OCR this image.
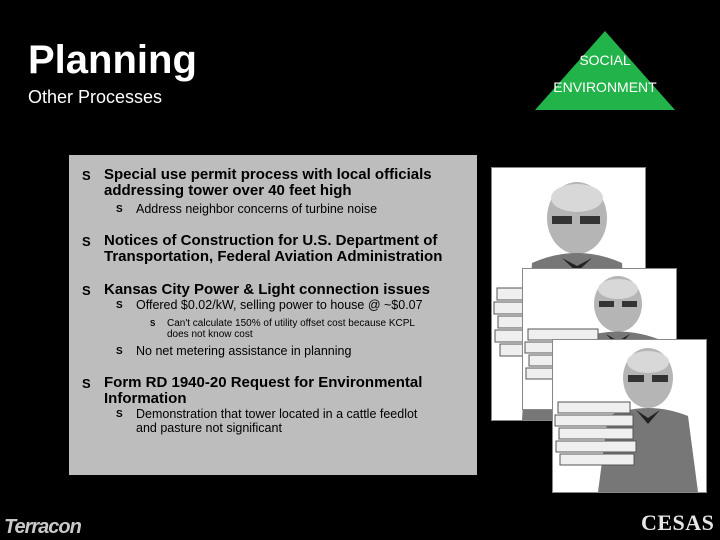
Planning
Other Processes
SOCIAL
ENVIRONMENT
S Special use permit process with local officials
addressing tower over 40 feet high
S Address neighbor concerns of turbine noise
S Notices of Construction for U.S. Department of
Transportation, Federal Aviation Administration
S Kansas City Power & Light connection issues
S Offered $0.02/kW, selling power to house @ ~$0.07
S Can't calculate 150% of utility offset cost because KCPL
does not know cost
S No net metering assistance in planning
S Form RD 1940-20 Request for Environmental
Information
S Demonstration that tower located in a cattle feedlot
and pasture not significant
Terracon	CESAS
